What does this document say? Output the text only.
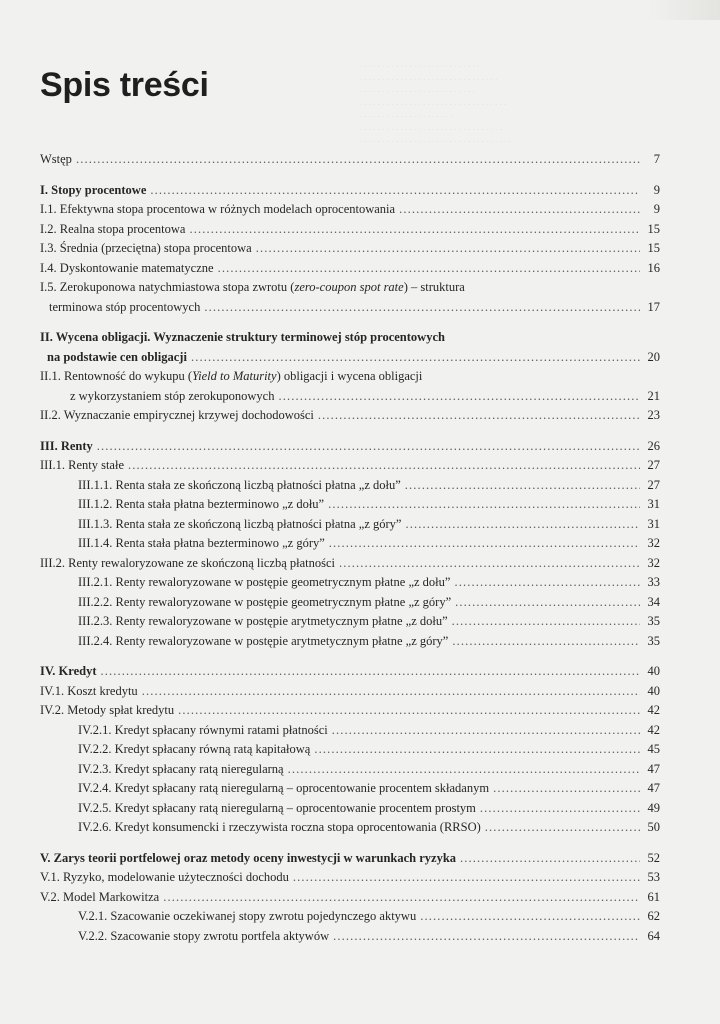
. . . . . . . . . . . . . . . . . . . . . . . . . . .
. . . . . . . . . . . . . . . . . . . . . . . . . . . . . . .
. . . . . . . . . . . . . . . . . . . . . . . . . .
. . . . . . . . . . . . . . . . . . . . . . . . . . . . . . . . .
. . . . . . . . . . . . . . . . . . . . .
. . . . . . . . . . . . . . . . . . . . . . . . . . . . . . . .
. . . . . . . . . . . . . . . . . . . . . . . . . . . . . . . . . .
Spis treści
Wstęp . . .	7
I. Stopy procentowe . . .	9
I.1. Efektywna stopa procentowa w różnych modelach oprocentowania . . .	9
I.2. Realna stopa procentowa . . .	15
I.3. Średnia (przeciętna) stopa procentowa . . .	15
I.4. Dyskontowanie matematyczne . . .	16
I.5. Zerokuponowa natychmiastowa stopa zwrotu (zero-coupon spot rate) – struktura
terminowa stóp procentowych . . .	17
II. Wycena obligacji. Wyznaczenie struktury terminowej stóp procentowych
na podstawie cen obligacji . . .	20
II.1. Rentowność do wykupu (Yield to Maturity) obligacji i wycena obligacji
z wykorzystaniem stóp zerokuponowych . . .	21
II.2. Wyznaczanie empirycznej krzywej dochodowości . . .	23
III. Renty . . .	26
III.1. Renty stałe . . .	27
III.1.1. Renta stała ze skończoną liczbą płatności płatna „z dołu” . . .	27
III.1.2. Renta stała płatna bezterminowo „z dołu” . . .	31
III.1.3. Renta stała ze skończoną liczbą płatności płatna „z góry” . . .	31
III.1.4. Renta stała płatna bezterminowo „z góry” . . .	32
III.2. Renty rewaloryzowane ze skończoną liczbą płatności . . .	32
III.2.1. Renty rewaloryzowane w postępie geometrycznym płatne „z dołu” . . .	33
III.2.2. Renty rewaloryzowane w postępie geometrycznym płatne „z góry” . . .	34
III.2.3. Renty rewaloryzowane w postępie arytmetycznym płatne „z dołu” . . .	35
III.2.4. Renty rewaloryzowane w postępie arytmetycznym płatne „z góry” . . .	35
IV. Kredyt . . .	40
IV.1. Koszt kredytu . . .	40
IV.2. Metody spłat kredytu . . .	42
IV.2.1. Kredyt spłacany równymi ratami płatności . . .	42
IV.2.2. Kredyt spłacany równą ratą kapitałową . . .	45
IV.2.3. Kredyt spłacany ratą nieregularną . . .	47
IV.2.4. Kredyt spłacany ratą nieregularną – oprocentowanie procentem składanym . . .	47
IV.2.5. Kredyt spłacany ratą nieregularną – oprocentowanie procentem prostym . . .	49
IV.2.6. Kredyt konsumencki i rzeczywista roczna stopa oprocentowania (RRSO) . . .	50
V. Zarys teorii portfelowej oraz metody oceny inwestycji w warunkach ryzyka . . .	52
V.1. Ryzyko, modelowanie użyteczności dochodu . . .	53
V.2. Model Markowitza . . .	61
V.2.1. Szacowanie oczekiwanej stopy zwrotu pojedynczego aktywu . . .	62
V.2.2. Szacowanie stopy zwrotu portfela aktywów . . .	64
